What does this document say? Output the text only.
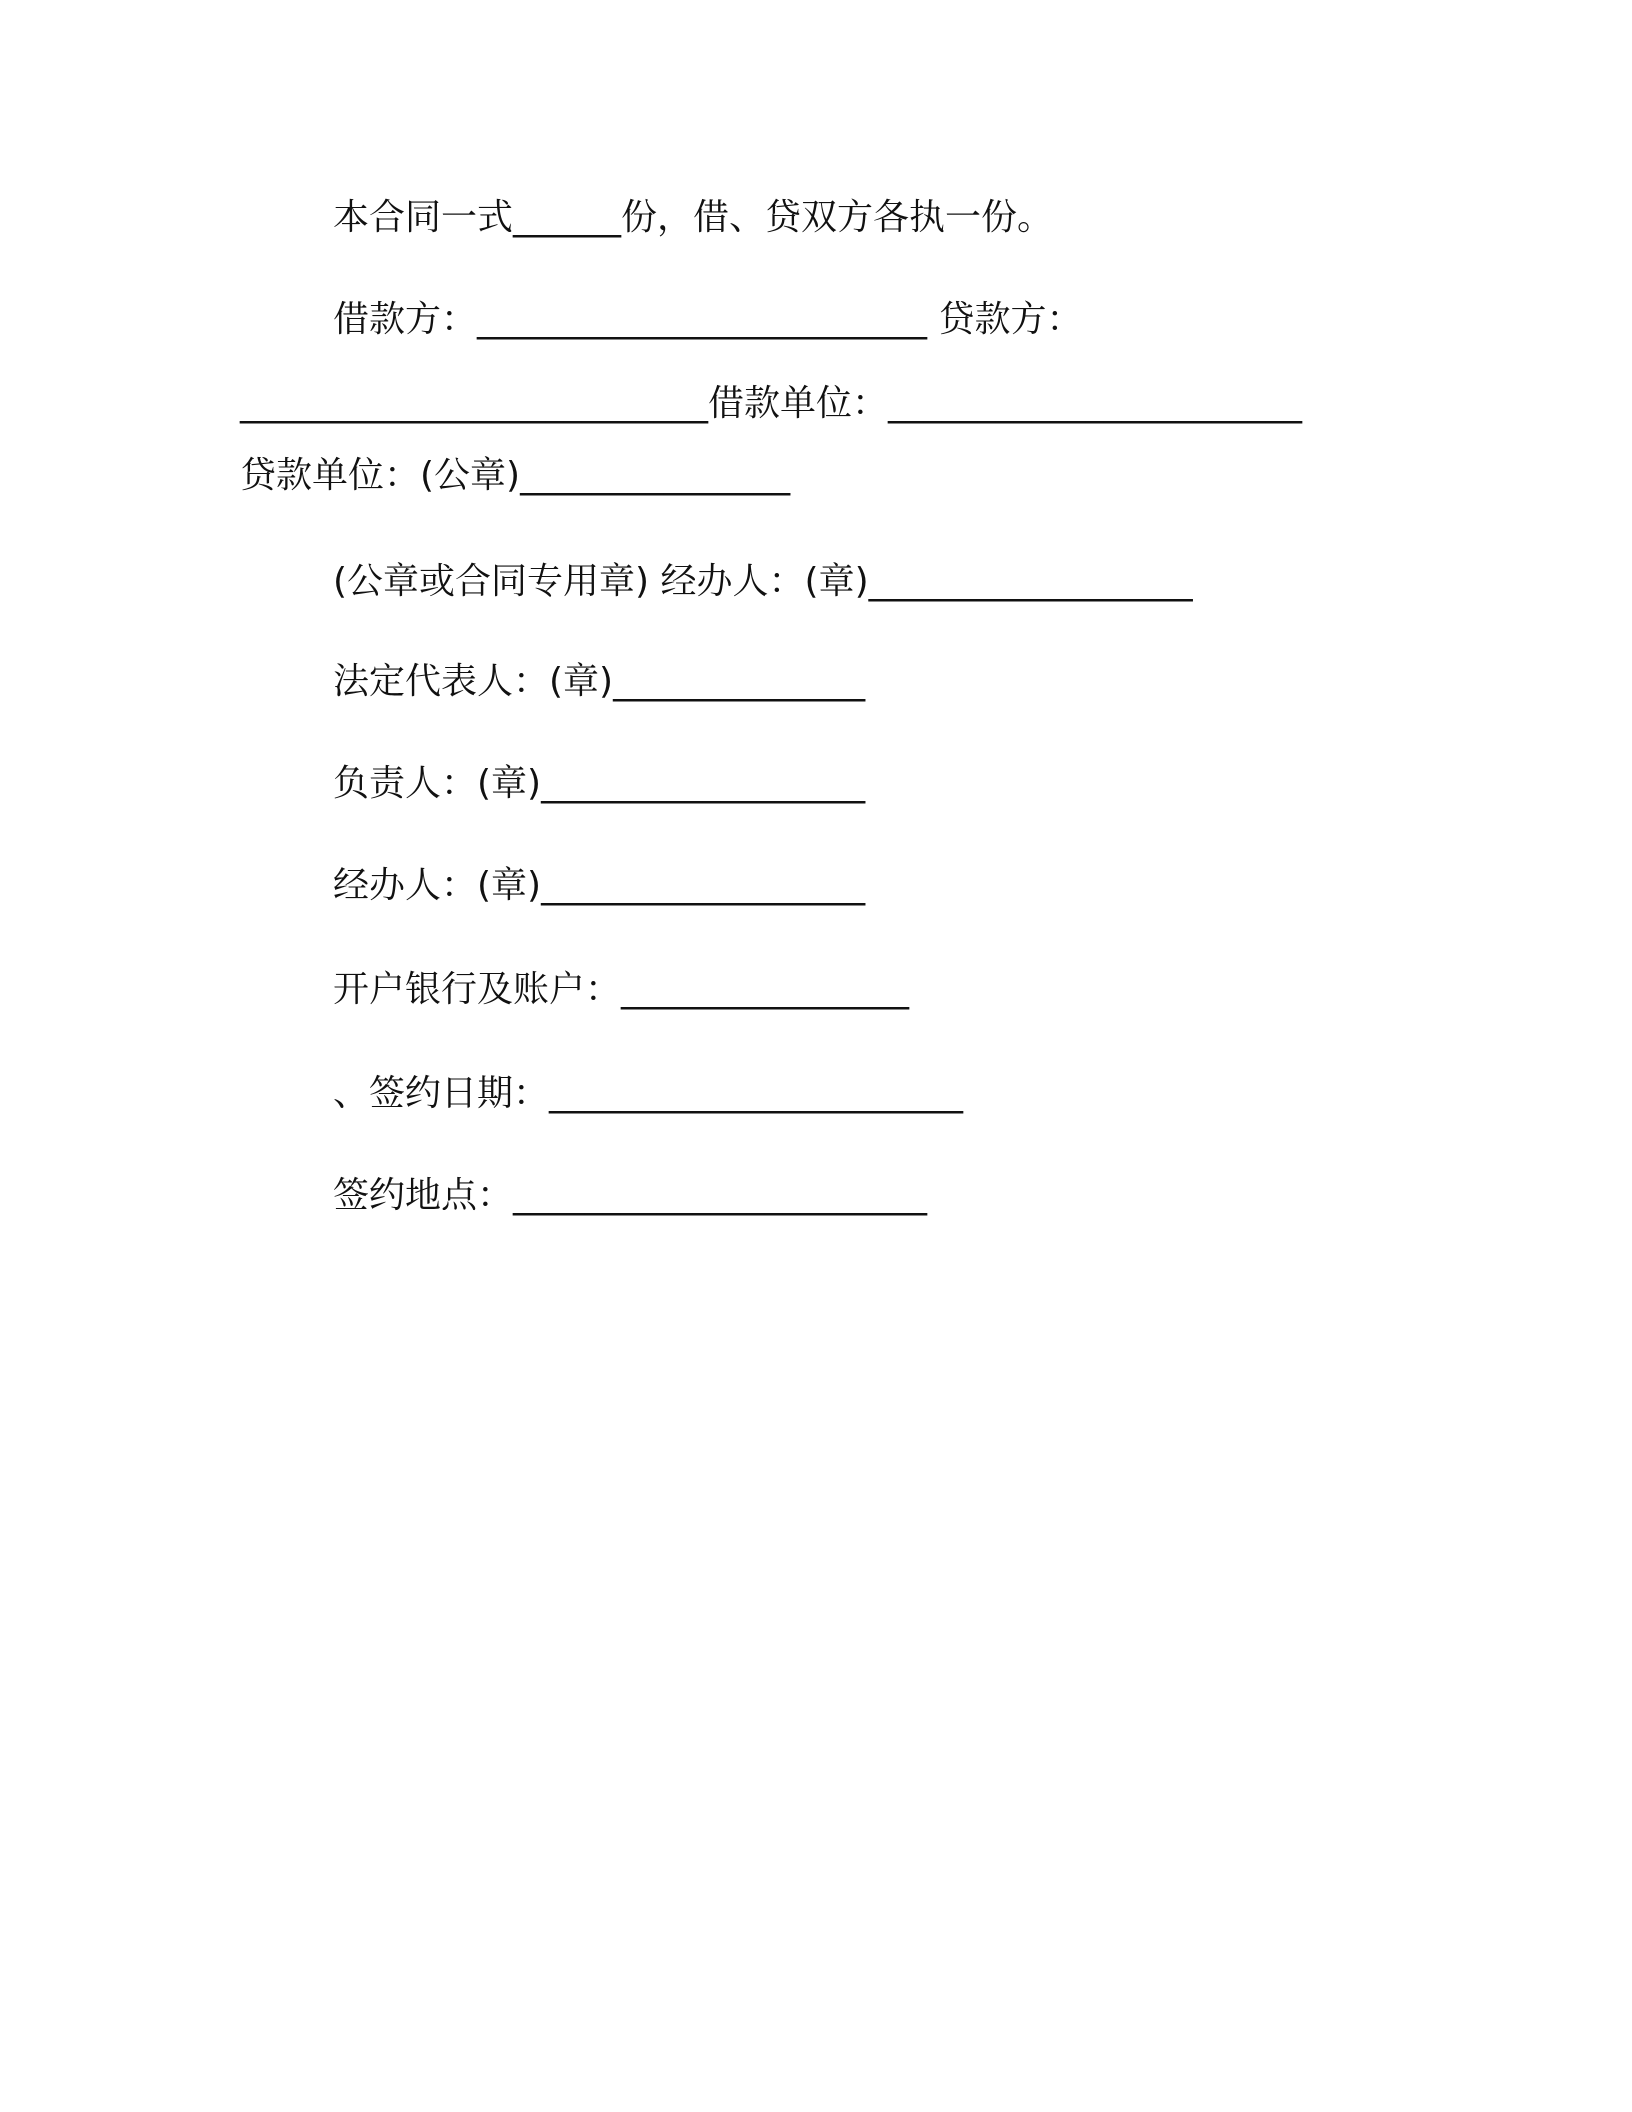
本合同一式______份，借、贷双方各执一份。
借款方：_________________________ 贷款方：
__________________________借款单位：_______________________
贷款单位：(公章)_______________
(公章或合同专用章) 经办人：(章)__________________
法定代表人：(章)______________
负责人：(章)__________________
经办人：(章)__________________
开户银行及账户：________________
、签约日期：_______________________
签约地点：_______________________
